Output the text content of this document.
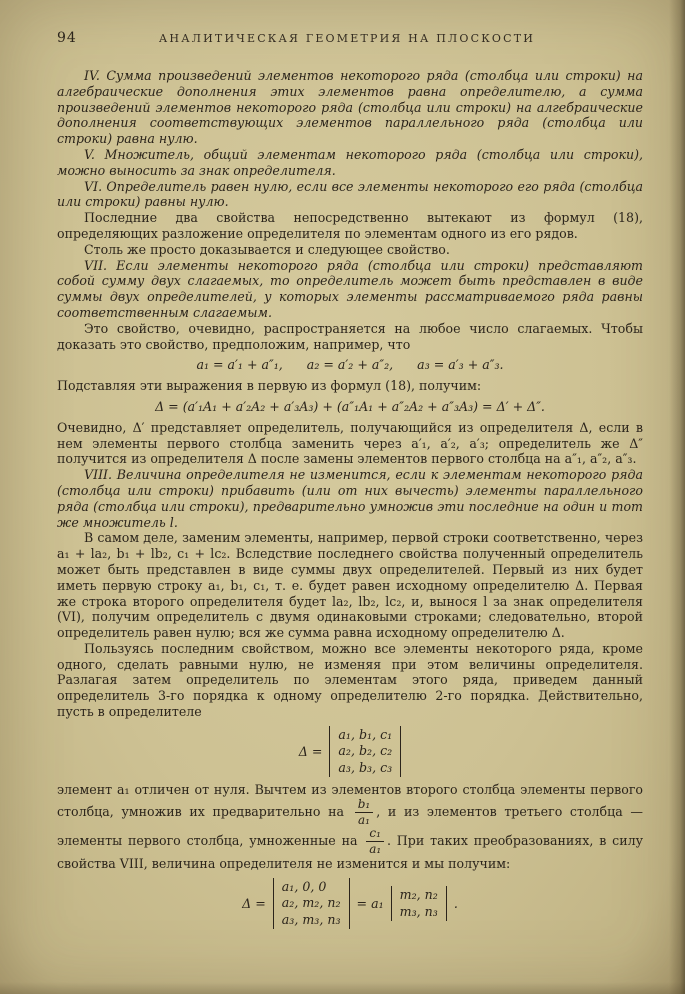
94	АНАЛИТИЧЕСКАЯ ГЕОМЕТРИЯ НА ПЛОСКОСТИ

IV. Сумма произведений элементов некоторого ряда (столбца или строки) на алгебраические дополнения этих элементов равна определителю, а сумма произведений элементов некоторого ряда (столбца или строки) на алгебраические дополнения соответствующих элементов параллельного ряда (столбца или строки) равна нулю.

V. Множитель, общий элементам некоторого ряда (столбца или строки), можно выносить за знак определителя.

VI. Определитель равен нулю, если все элементы некоторого его ряда (столбца или строки) равны нулю.

Последние два свойства непосредственно вытекают из формул (18), определяющих разложение определителя по элементам одного из его рядов.

Столь же просто доказывается и следующее свойство.

VII. Если элементы некоторого ряда (столбца или строки) представляют собой сумму двух слагаемых, то определитель может быть представлен в виде суммы двух определителей, у которых элементы рассматриваемого ряда равны соответственным слагаемым.

Это свойство, очевидно, распространяется на любое число слагаемых. Чтобы доказать это свойство, предположим, например, что

a₁ = a′₁ + a″₁,      a₂ = a′₂ + a″₂,      a₃ = a′₃ + a″₃.

Подставляя эти выражения в первую из формул (18), получим:

Δ = (a′₁A₁ + a′₂A₂ + a′₃A₃) + (a″₁A₁ + a″₂A₂ + a″₃A₃) = Δ′ + Δ″.

Очевидно, Δ′ представляет определитель, получающийся из определителя Δ, если в нем элементы первого столбца заменить через a′₁, a′₂, a′₃; определитель же Δ″ получится из определителя Δ после замены элементов первого столбца на a″₁, a″₂, a″₃.

VIII. Величина определителя не изменится, если к элементам некоторого ряда (столбца или строки) прибавить (или от них вычесть) элементы параллельного ряда (столбца или строки), предварительно умножив эти последние на один и тот же множитель l.

В самом деле, заменим элементы, например, первой строки соответственно, через a₁ + la₂, b₁ + lb₂, c₁ + lc₂. Вследствие последнего свойства полученный определитель может быть представлен в виде суммы двух определителей. Первый из них будет иметь первую строку a₁, b₁, c₁, т. е. будет равен исходному определителю Δ. Первая же строка второго определителя будет la₂, lb₂, lc₂, и, вынося l за знак определителя (VI), получим определитель с двумя одинаковыми строками; следовательно, второй определитель равен нулю; вся же сумма равна исходному определителю Δ.

Пользуясь последним свойством, можно все элементы некоторого ряда, кроме одного, сделать равными нулю, не изменяя при этом величины определителя. Разлагая затем определитель по элементам этого ряда, приведем данный определитель 3-го порядка к одному определителю 2-го порядка. Действительно, пусть в определителе

Δ =
a₁, b₁, c₁
a₂, b₂, c₂
a₃, b₃, c₃

элемент a₁ отличен от нуля. Вычтем из элементов второго столбца элементы первого столбца, умножив их предварительно на $\frac{\text{b₁}}{\text{a₁}}$ , и из элементов третьего столбца — элементы первого столбца, умноженные на $\frac{\text{c₁}}{\text{a₁}}$ . При таких преобразованиях, в силу свойства VIII, величина определителя не изменится и мы получим:

Δ =
a₁, 0, 0
a₂, m₂, n₂
a₃, m₃, n₃
= a₁
m₂, n₂
m₃, n₃
.
